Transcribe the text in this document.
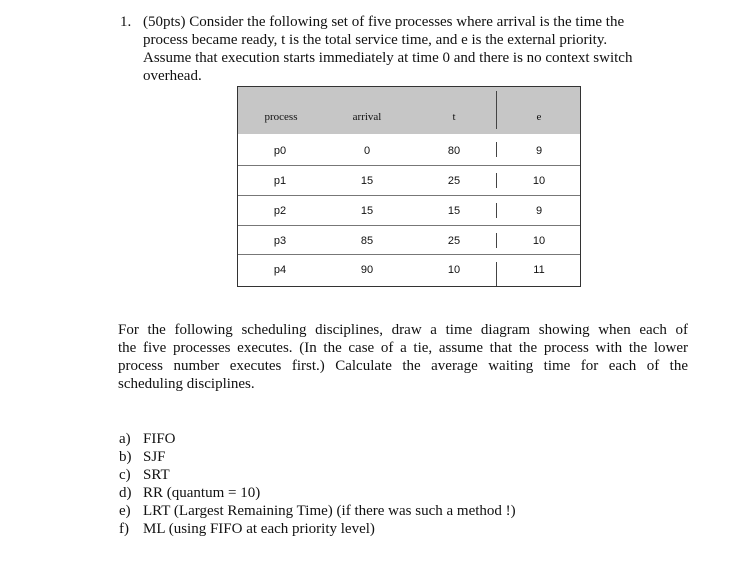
1. (50pts) Consider the following set of five processes where arrival is the time the
process became ready, t is the total service time, and e is the external priority.
Assume that execution starts immediately at time 0 and there is no context switch
overhead.
process	arrival	t	e
p0	0	80	9
p1	15	25	10
p2	15	15	9
p3	85	25	10
p4	90	10	11
For the following scheduling disciplines, draw a time diagram showing when each of
the five processes executes. (In the case of a tie, assume that the process with the lower
process number executes first.) Calculate the average waiting time for each of the
scheduling disciplines.
a) FIFO
b) SJF
c) SRT
d) RR (quantum = 10)
e) LRT (Largest Remaining Time) (if there was such a method !)
f) ML (using FIFO at each priority level)
